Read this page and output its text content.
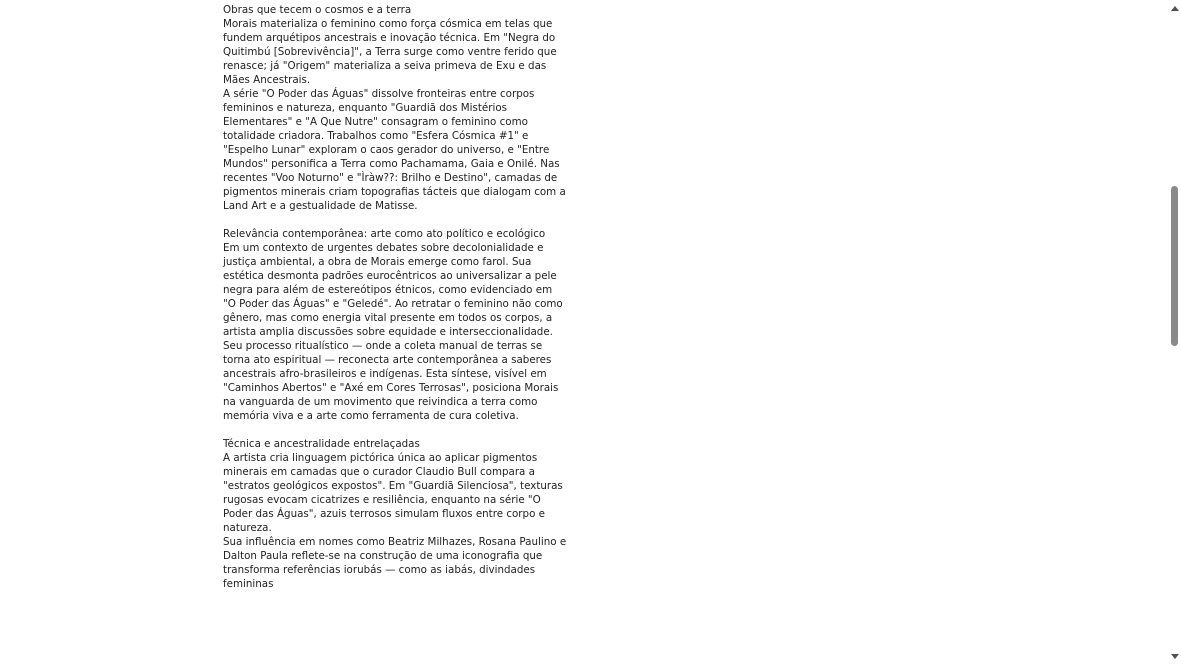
Obras que tecem o cosmos e a terra

Morais materializa o feminino como força cósmica em telas que fundem arquétipos ancestrais e inovação técnica. Em "Negra do Quitimbú [Sobrevivência]", a Terra surge como ventre ferido que renasce; já "Origem" materializa a seiva primeva de Exu e das Mães Ancestrais.

A série "O Poder das Águas" dissolve fronteiras entre corpos femininos e natureza, enquanto "Guardiã dos Mistérios Elementares" e "A Que Nutre" consagram o feminino como totalidade criadora. Trabalhos como "Esfera Cósmica #1" e "Espelho Lunar" exploram o caos gerador do universo, e "Entre Mundos" personifica a Terra como Pachamama, Gaia e Onilé. Nas recentes "Voo Noturno" e "Ìràw??: Brilho e Destino", camadas de pigmentos minerais criam topografias tácteis que dialogam com a Land Art e a gestualidade de Matisse.

Relevância contemporânea: arte como ato político e ecológico

Em um contexto de urgentes debates sobre decolonialidade e justiça ambiental, a obra de Morais emerge como farol. Sua estética desmonta padrões eurocêntricos ao universalizar a pele negra para além de estereótipos étnicos, como evidenciado em "O Poder das Águas" e "Geledé". Ao retratar o feminino não como gênero, mas como energia vital presente em todos os corpos, a artista amplia discussões sobre equidade e interseccionalidade.

Seu processo ritualístico — onde a coleta manual de terras se torna ato espiritual — reconecta arte contemporânea a saberes ancestrais afro-brasileiros e indígenas. Esta síntese, visível em "Caminhos Abertos" e "Axé em Cores Terrosas", posiciona Morais na vanguarda de um movimento que reivindica a terra como memória viva e a arte como ferramenta de cura coletiva.

Técnica e ancestralidade entrelaçadas

A artista cria linguagem pictórica única ao aplicar pigmentos minerais em camadas que o curador Claudio Bull compara a "estratos geológicos expostos". Em "Guardiã Silenciosa", texturas rugosas evocam cicatrizes e resiliência, enquanto na série "O Poder das Águas", azuis terrosos simulam fluxos entre corpo e natureza.

Sua influência em nomes como Beatriz Milhazes, Rosana Paulino e Dalton Paula reflete-se na construção de uma iconografia que transforma referências iorubás — como as iabás, divindades femininas
